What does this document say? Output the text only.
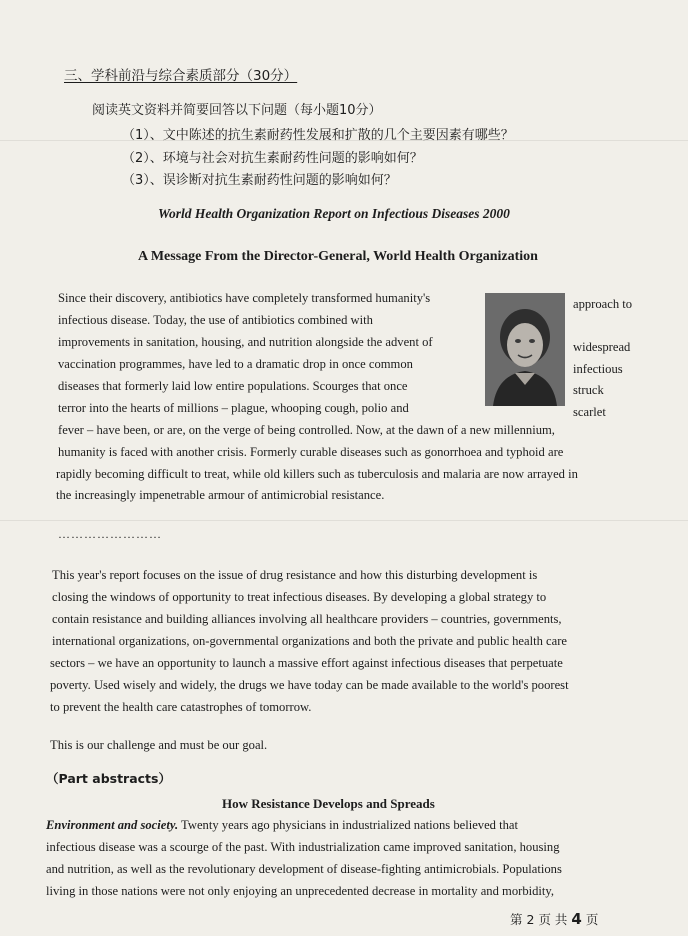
三、学科前沿与综合素质部分（30分）
阅读英文资料并简要回答以下问题（每小题10分）
（1）、文中陈述的抗生素耐药性发展和扩散的几个主要因素有哪些？
（2）、环境与社会对抗生素耐药性问题的影响如何？
（3）、误诊断对抗生素耐药性问题的影响如何？
World Health Organization Report on Infectious Diseases 2000
A Message From the Director-General, World Health Organization
Since their discovery, antibiotics have completely transformed humanity's
infectious disease. Today, the use of antibiotics combined with
improvements in sanitation, housing, and nutrition alongside the advent of
vaccination programmes, have led to a dramatic drop in once common
diseases that formerly laid low entire populations. Scourges that once
terror into the hearts of millions – plague, whooping cough, polio and
approach to
widespread
infectious
struck
scarlet
fever – have been, or are, on the verge of being controlled. Now, at the dawn of a new millennium,
humanity is faced with another crisis. Formerly curable diseases such as gonorrhoea and typhoid are
rapidly becoming difficult to treat, while old killers such as tuberculosis and malaria are now arrayed in
the increasingly impenetrable armour of antimicrobial resistance.
……………………
This year's report focuses on the issue of drug resistance and how this disturbing development is
closing the windows of opportunity to treat infectious diseases. By developing a global strategy to
contain resistance and building alliances involving all healthcare providers – countries, governments,
international organizations, on-governmental organizations and both the private and public health care
sectors – we have an opportunity to launch a massive effort against infectious diseases that perpetuate
poverty. Used wisely and widely, the drugs we have today can be made available to the world's poorest
to prevent the health care catastrophes of tomorrow.
This is our challenge and must be our goal.
（Part abstracts）
How Resistance Develops and Spreads
Environment and society. Twenty years ago physicians in industrialized nations believed that
infectious disease was a scourge of the past. With industrialization came improved sanitation, housing
and nutrition, as well as the revolutionary development of disease-fighting antimicrobials. Populations
living in those nations were not only enjoying an unprecedented decrease in mortality and morbidity,
第 2 页 共 4 页
